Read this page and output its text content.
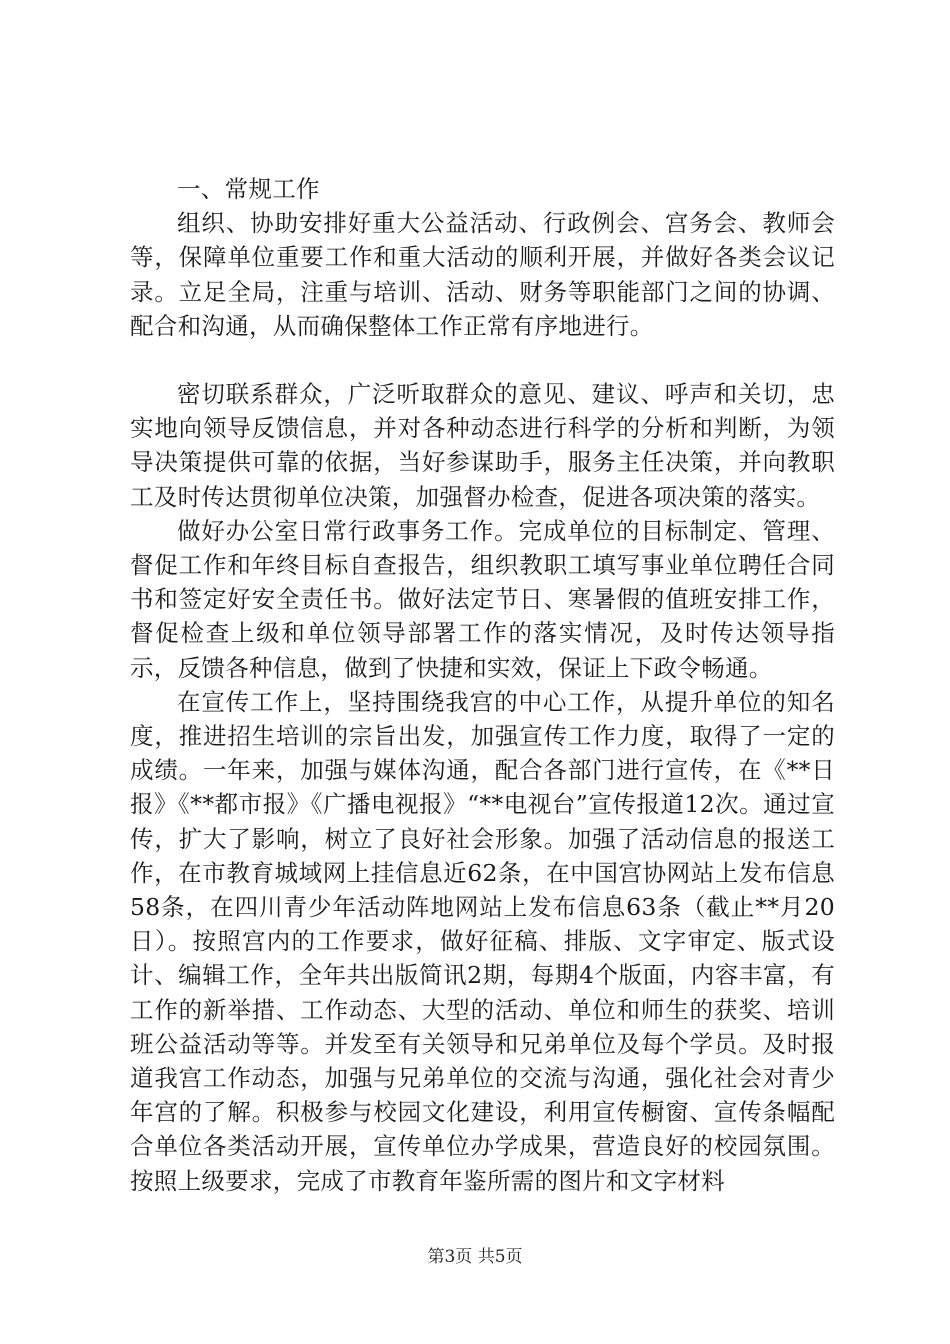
一、常规工作

组织、协助安排好重大公益活动、行政例会、宫务会、教师会等，保障单位重要工作和重大活动的顺利开展，并做好各类会议记录。立足全局，注重与培训、活动、财务等职能部门之间的协调、配合和沟通，从而确保整体工作正常有序地进行。

密切联系群众，广泛听取群众的意见、建议、呼声和关切，忠实地向领导反馈信息，并对各种动态进行科学的分析和判断，为领导决策提供可靠的依据，当好参谋助手，服务主任决策，并向教职工及时传达贯彻单位决策，加强督办检查，促进各项决策的落实。

做好办公室日常行政事务工作。完成单位的目标制定、管理、督促工作和年终目标自查报告，组织教职工填写事业单位聘任合同书和签定好安全责任书。做好法定节日、寒暑假的值班安排工作，督促检查上级和单位领导部署工作的落实情况，及时传达领导指示，反馈各种信息，做到了快捷和实效，保证上下政令畅通。

在宣传工作上，坚持围绕我宫的中心工作，从提升单位的知名度，推进招生培训的宗旨出发，加强宣传工作力度，取得了一定的成绩。一年来，加强与媒体沟通，配合各部门进行宣传，在《**日报》《**都市报》《广播电视报》“**电视台”宣传报道12次。通过宣传，扩大了影响，树立了良好社会形象。加强了活动信息的报送工作，在市教育城域网上挂信息近62条，在中国宫协网站上发布信息58条，在四川青少年活动阵地网站上发布信息63条（截止**月20日）。按照宫内的工作要求，做好征稿、排版、文字审定、版式设计、编辑工作，全年共出版简讯2期，每期4个版面，内容丰富，有工作的新举措、工作动态、大型的活动、单位和师生的获奖、培训班公益活动等等。并发至有关领导和兄弟单位及每个学员。及时报道我宫工作动态，加强与兄弟单位的交流与沟通，强化社会对青少年宫的了解。积极参与校园文化建设，利用宣传橱窗、宣传条幅配合单位各类活动开展，宣传单位办学成果，营造良好的校园氛围。按照上级要求，完成了市教育年鉴所需的图片和文字材料

第3页 共5页
